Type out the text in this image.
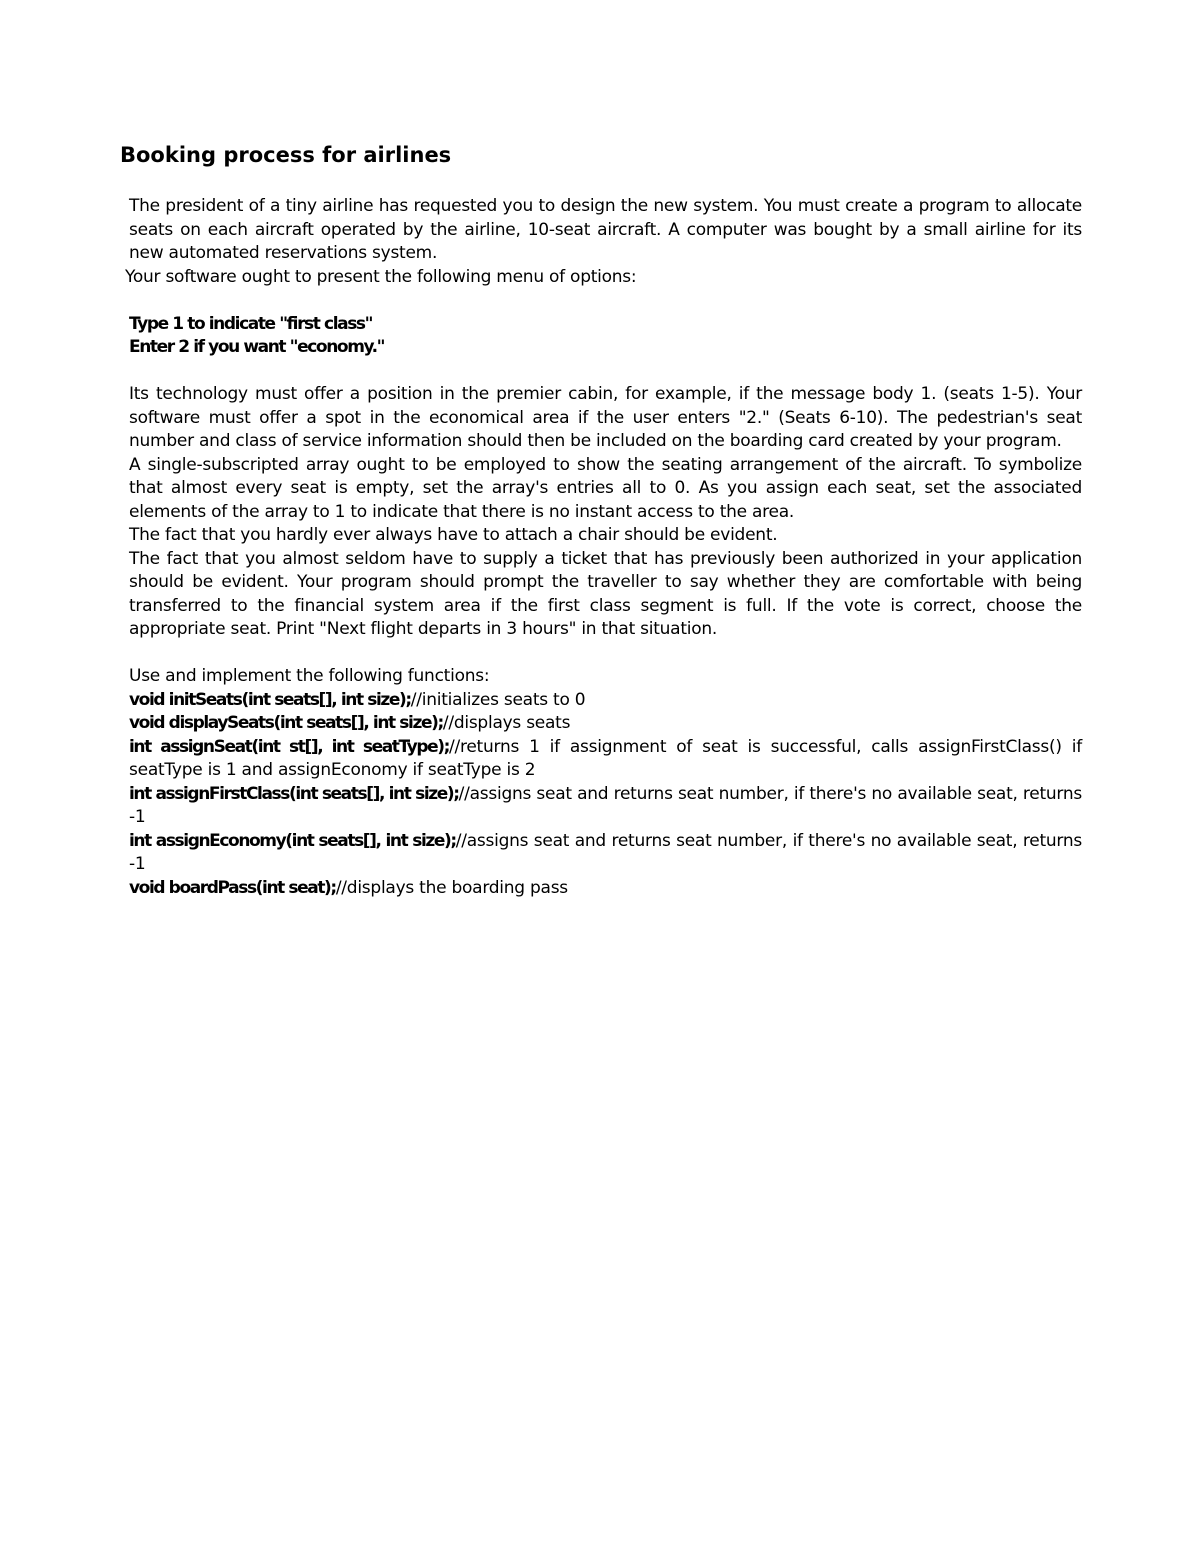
Booking process for airlines

The president of a tiny airline has requested you to design the new system. You must create a program to allocate seats on each aircraft operated by the airline, 10-seat aircraft. A computer was bought by a small airline for its new automated reservations system.

Your software ought to present the following menu of options:

Type 1 to indicate "first class"

Enter 2 if you want "economy."

Its technology must offer a position in the premier cabin, for example, if the message body 1. (seats 1-5). Your software must offer a spot in the economical area if the user enters "2." (Seats 6-10). The pedestrian's seat number and class of service information should then be included on the boarding card created by your program.

A single-subscripted array ought to be employed to show the seating arrangement of the aircraft. To symbolize that almost every seat is empty, set the array's entries all to 0. As you assign each seat, set the associated elements of the array to 1 to indicate that there is no instant access to the area.

The fact that you hardly ever always have to attach a chair should be evident.

The fact that you almost seldom have to supply a ticket that has previously been authorized in your application should be evident. Your program should prompt the traveller to say whether they are comfortable with being transferred to the financial system area if the first class segment is full. If the vote is correct, choose the appropriate seat. Print "Next flight departs in 3 hours" in that situation.

Use and implement the following functions:

void initSeats(int seats[], int size);//initializes seats to 0

void displaySeats(int seats[], int size);//displays seats

int assignSeat(int st[], int seatType);//returns 1 if assignment of seat is successful, calls assignFirstClass() if seatType is 1 and assignEconomy if seatType is 2

int assignFirstClass(int seats[], int size);//assigns seat and returns seat number, if there's no available seat, returns -1

int assignEconomy(int seats[], int size);//assigns seat and returns seat number, if there's no available seat, returns -1

void boardPass(int seat);//displays the boarding pass
